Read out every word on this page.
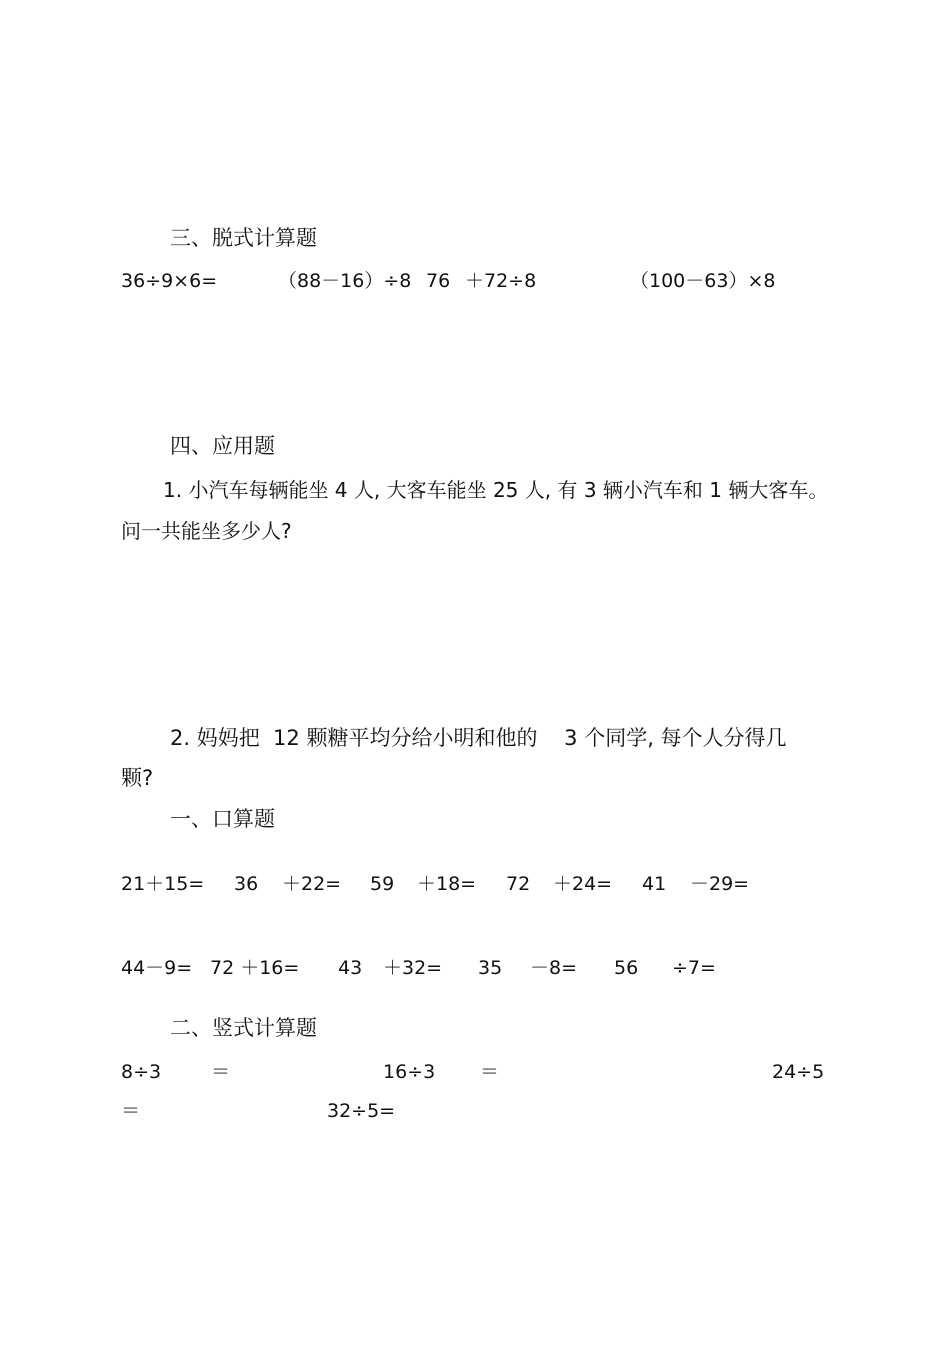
三、脱式计算题
36÷9×6=	（88－16）÷8 76 ＋72÷8	（100－63）×8
四、应用题
1. 小汽车每辆能坐 4 人, 大客车能坐 25 人, 有 3 辆小汽车和 1 辆大客车。
问一共能坐多少人?
2. 妈妈把  12 颗糖平均分给小明和他的    3 个同学, 每个人分得几
颗?
一、口算题
21＋15= 36 ＋22= 59 ＋18= 72 ＋24= 41 －29=
44－9= 72 ＋16= 43 ＋32= 35 －8= 56 ÷7=
二、竖式计算题
8÷3	＝	16÷3 ＝	24÷5
＝	32÷5=
